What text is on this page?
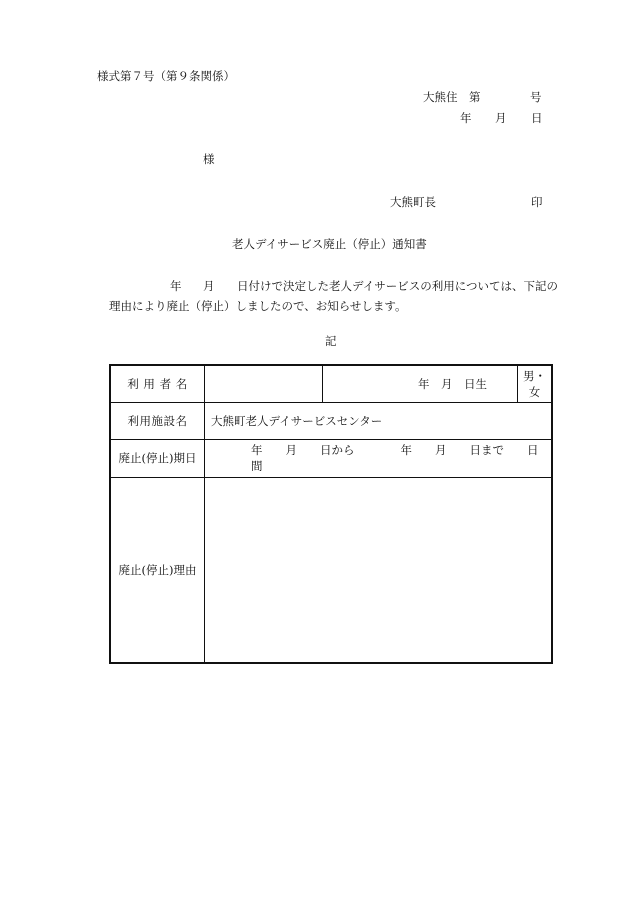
様式第７号（第９条関係）
大熊住　第	号
年 月 日
様
大熊町長	印
老人デイサービス廃止（停止）通知書
年 月 日付けで決定した老人デイサービスの利用については、下記の
理由により廃止（停止）しましたので、お知らせします。
記
利 用 者 名		年　月　日生	男・女
利用施設名	大熊町老人デイサービスセンター		
廃止(停止)期日	年　　月　　日から　　　　年　　月　　日まで　　日間		
廃止(停止)理由			
